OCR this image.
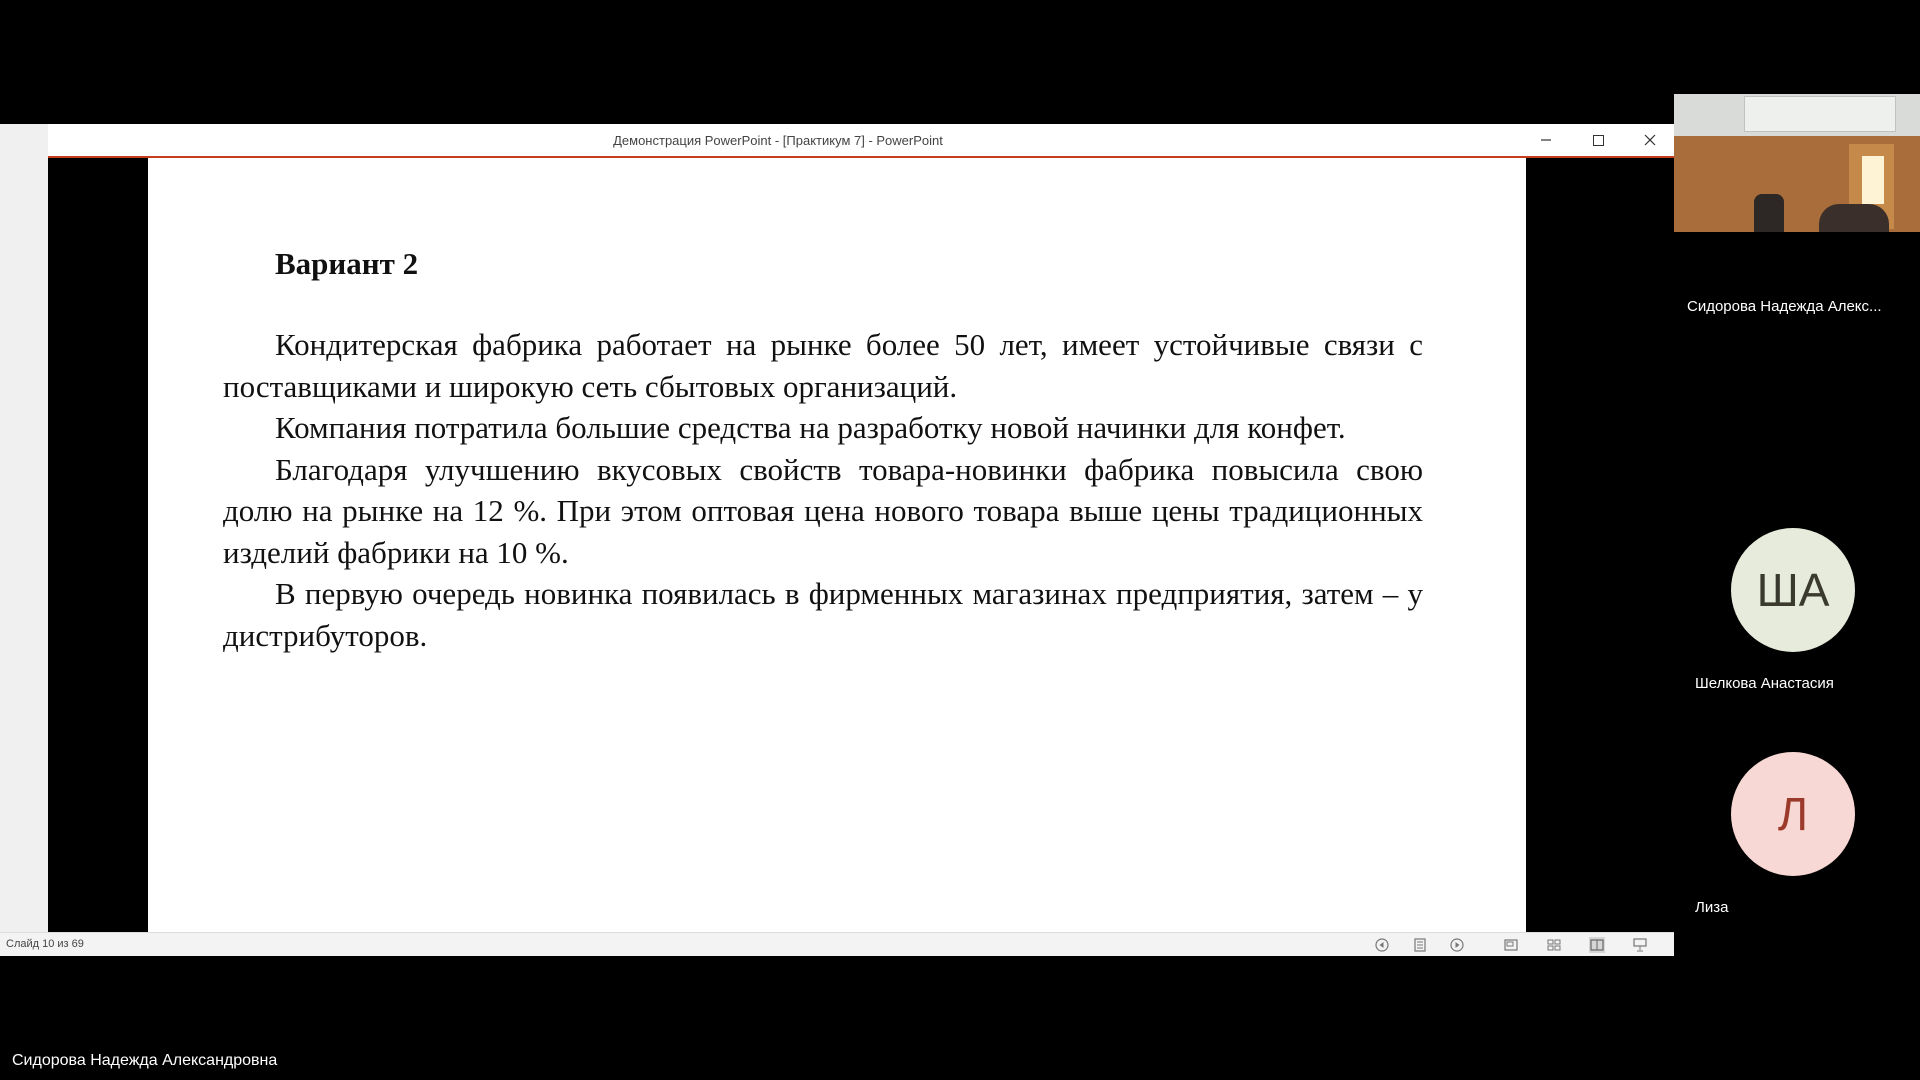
Демонстрация PowerPoint - [Практикум 7] - PowerPoint
Вариант 2

Кондитерская фабрика работает на рынке более 50 лет, имеет устойчивые связи с поставщиками и широкую сеть сбытовых организаций.

Компания потратила большие средства на разработку новой начинки для конфет.

Благодаря улучшению вкусовых свойств товара-новинки фабрика повысила свою долю на рынке на 12 %. При этом оптовая цена нового товара выше цены традиционных изделий фабрики на 10 %.

В первую очередь новинка появилась в фирменных магазинах предприятия, затем – у дистрибуторов.

Слайд 10 из 69
Сидорова Надежда Алекс...
ША
Шелкова Анастасия
Л
Лиза
Сидорова Надежда Александровна
